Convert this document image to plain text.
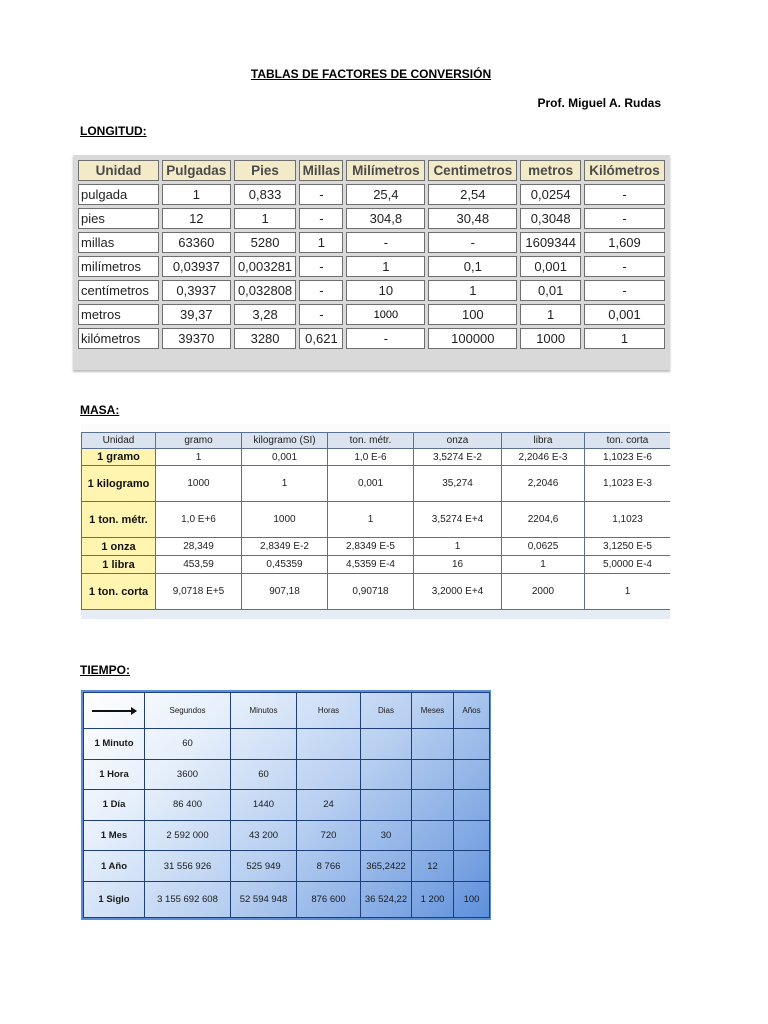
TABLAS DE FACTORES DE CONVERSIÓN
Prof. Miguel A. Rudas
LONGITUD:
Unidad	Pulgadas	Pies	Millas	Milímetros	Centimetros	metros	Kilómetros
pulgada	1	0,833	-	25,4	2,54	0,0254	-
pies	12	1	-	304,8	30,48	0,3048	-
millas	63360	5280	1	-	-	1609344	1,609
milímetros	0,03937	0,003281	-	1	0,1	0,001	-
centímetros	0,3937	0,032808	-	10	1	0,01	-
metros	39,37	3,28	-	1000	100	1	0,001
kilómetros	39370	3280	0,621	-	100000	1000	1
MASA:
Unidad	gramo	kilogramo (SI)	ton. métr.	onza	libra	ton. corta
1 gramo	1	0,001	1,0 E-6	3,5274 E-2	2,2046 E-3	1,1023 E-6
1 kilogramo	1000	1	0,001	35,274	2,2046	1,1023 E-3
1 ton. métr.	1,0 E+6	1000	1	3,5274 E+4	2204,6	1,1023
1 onza	28,349	2,8349 E-2	2,8349 E-5	1	0,0625	3,1250 E-5
1 libra	453,59	0,45359	4,5359 E-4	16	1	5,0000 E-4
1 ton. corta	9,0718 E+5	907,18	0,90718	3,2000 E+4	2000	1
TIEMPO:
	Segundos	Minutos	Horas	Dias	Meses	Años
1 Minuto	60					
1 Hora	3600	60				
1 Día	86 400	1440	24			
1 Mes	2 592 000	43 200	720	30		
1 Año	31 556 926	525 949	8 766	365,2422	12	
1 Siglo	3 155 692 608	52 594 948	876 600	36 524,22	1 200	100
